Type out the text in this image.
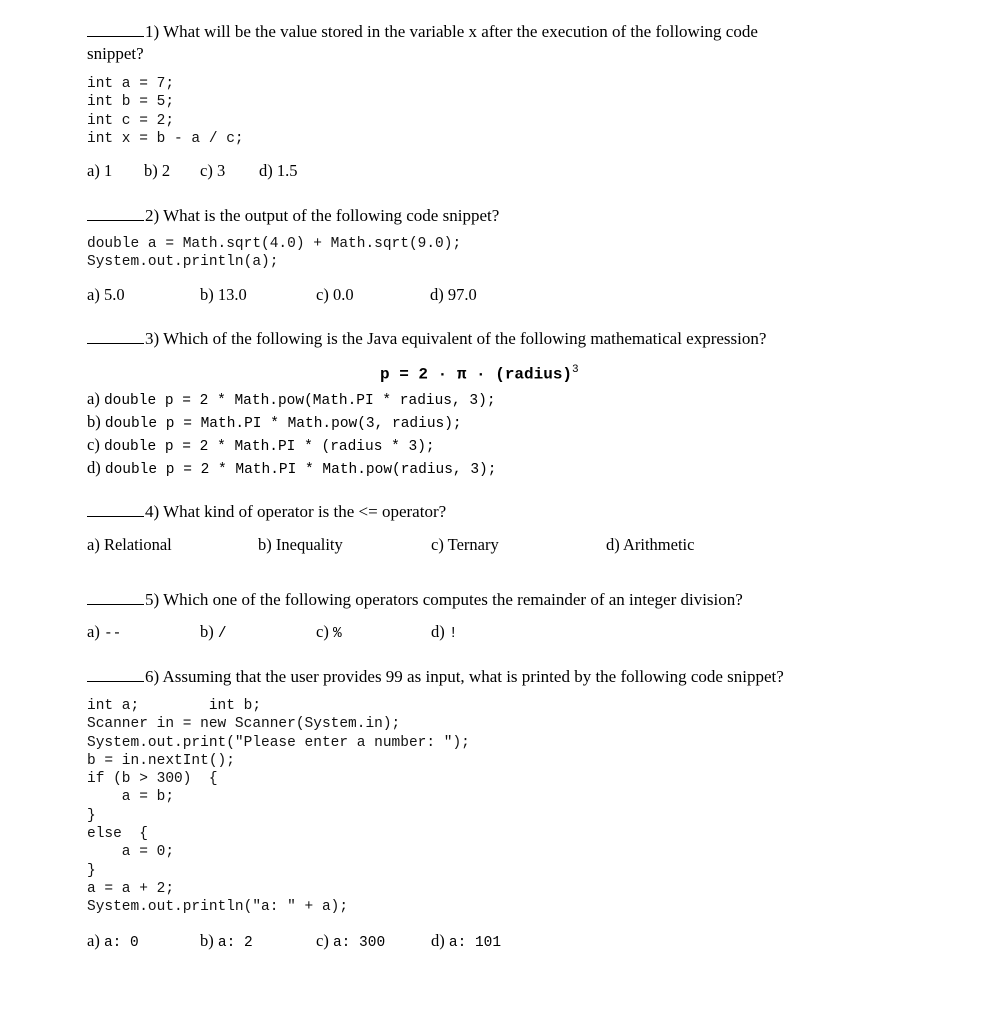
1) What will be the value stored in the variable x after the execution of the following code
snippet?
int a = 7;
int b = 5;
int c = 2;
int x = b - a / c;
a) 1 b) 2 c) 3 d) 1.5
2) What is the output of the following code snippet?
double a = Math.sqrt(4.0) + Math.sqrt(9.0);
System.out.println(a);
a) 5.0	b) 13.0	c) 0.0	d) 97.0
3) Which of the following is the Java equivalent of the following mathematical expression?
p = 2 · π · (radius)$^3$
a) double p = 2 * Math.pow(Math.PI * radius, 3);
b) double p = Math.PI * Math.pow(3, radius);
c) double p = 2 * Math.PI * (radius * 3);
d) double p = 2 * Math.PI * Math.pow(radius, 3);
4) What kind of operator is the <= operator?
a) Relational	b) Inequality	c) Ternary	d) Arithmetic
5) Which one of the following operators computes the remainder of an integer division?
a) --	b) /	c) %	d) !
6) Assuming that the user provides 99 as input, what is printed by the following code snippet?
int a;        int b;
Scanner in = new Scanner(System.in);
System.out.print("Please enter a number: ");
b = in.nextInt();
if (b > 300)  {
a = b;
}
else  {
a = 0;
}
a = a + 2;
System.out.println("a: " + a);
a) a: 0	b) a: 2	c) a: 300	d) a: 101
